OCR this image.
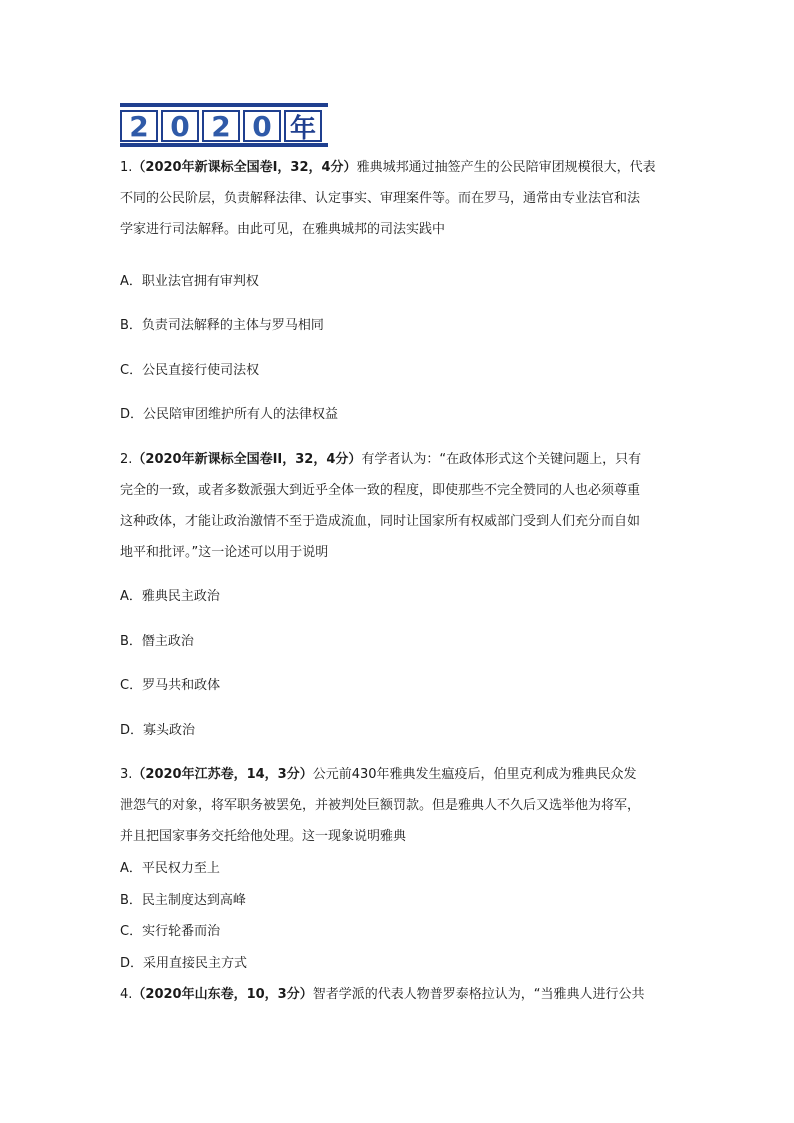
2 0 2 0 年
1.（2020年新课标全国卷I，32，4分）雅典城邦通过抽签产生的公民陪审团规模很大，代表
不同的公民阶层，负责解释法律、认定事实、审理案件等。而在罗马，通常由专业法官和法
学家进行司法解释。由此可见，在雅典城邦的司法实践中
A．职业法官拥有审判权
B．负责司法解释的主体与罗马相同
C．公民直接行使司法权
D．公民陪审团维护所有人的法律权益
2.（2020年新课标全国卷II，32，4分）有学者认为：“在政体形式这个关键问题上，只有
完全的一致，或者多数派强大到近乎全体一致的程度，即使那些不完全赞同的人也必须尊重
这种政体，才能让政治激情不至于造成流血，同时让国家所有权威部门受到人们充分而自如
地平和批评。”这一论述可以用于说明
A．雅典民主政治
B．僭主政治
C．罗马共和政体
D．寡头政治
3.（2020年江苏卷，14，3分）公元前430年雅典发生瘟疫后，伯里克利成为雅典民众发
泄怨气的对象，将军职务被罢免，并被判处巨额罚款。但是雅典人不久后又选举他为将军，
并且把国家事务交托给他处理。这一现象说明雅典
A．平民权力至上
B．民主制度达到高峰
C．实行轮番而治
D．采用直接民主方式
4.（2020年山东卷，10，3分）智者学派的代表人物普罗泰格拉认为，“当雅典人进行公共
